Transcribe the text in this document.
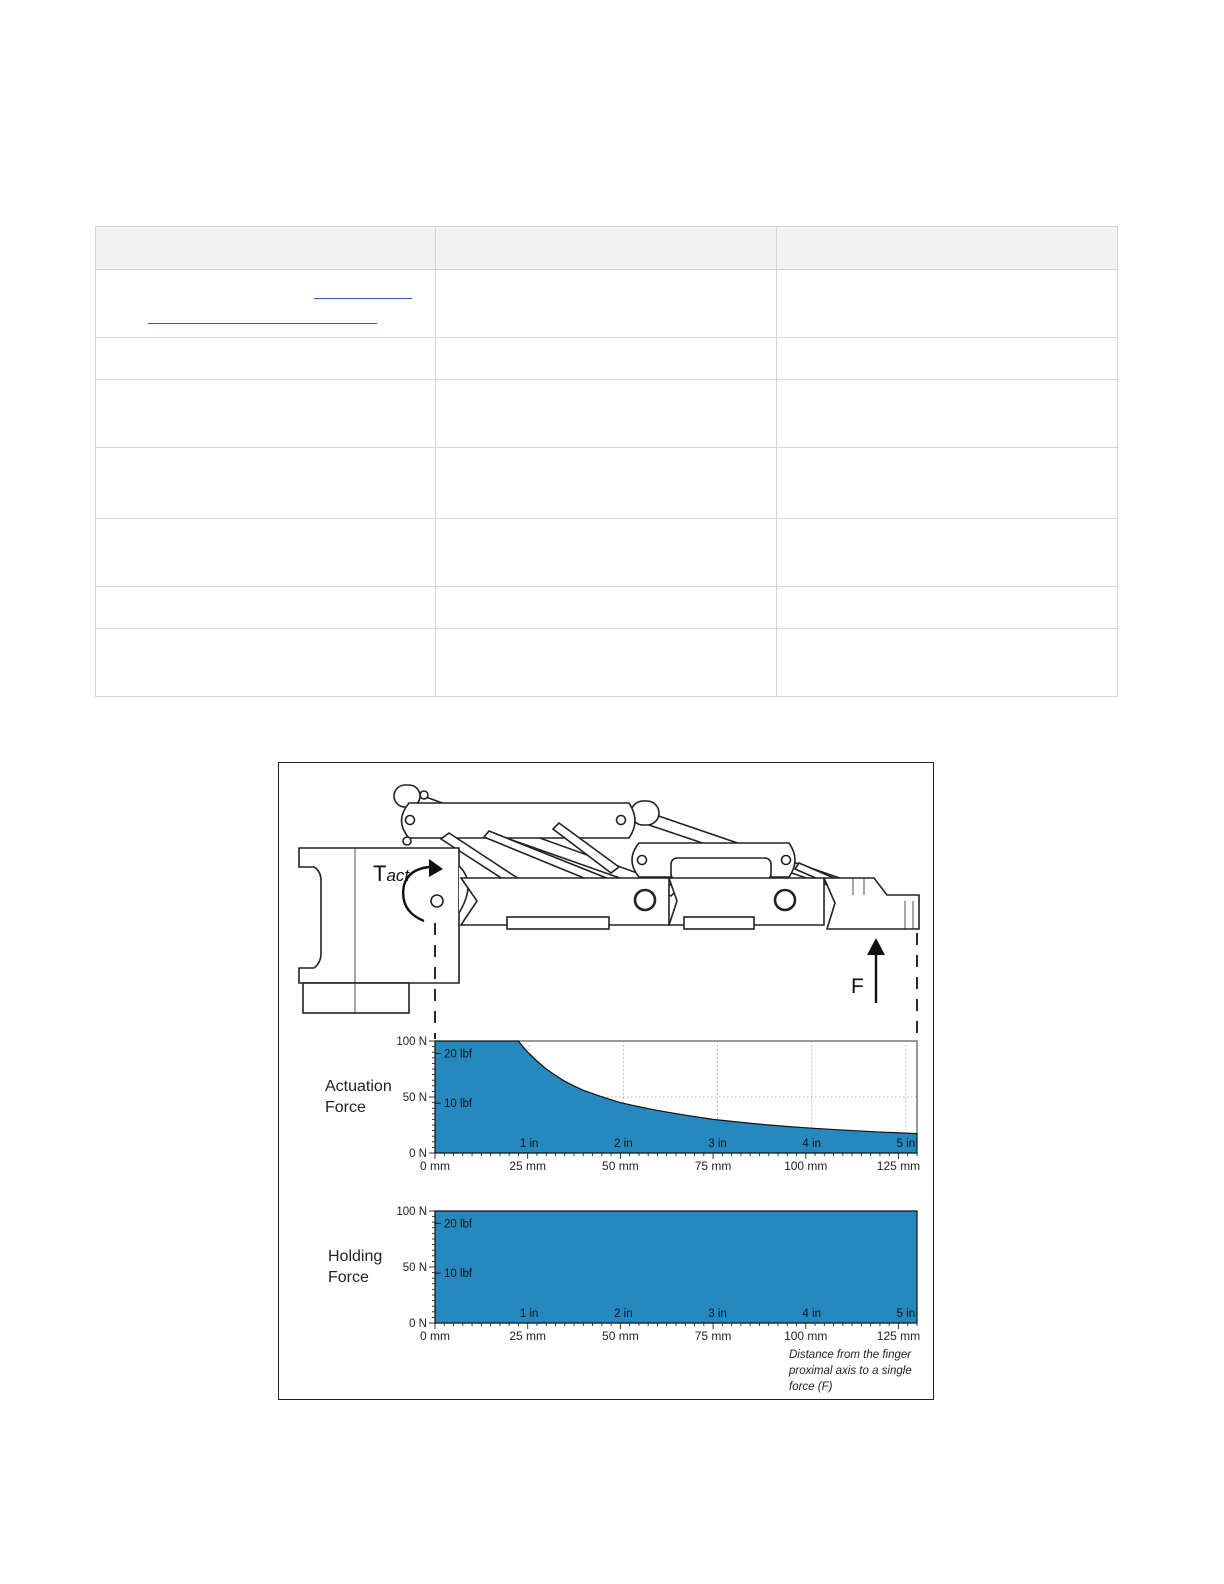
Tact
F
0 mm	25 mm	50 mm	75 mm	100 mm	125 mm
1 in	2 in	3 in	4 in	5 in
0 N
50 N
100 N
10 lbf
20 lbf
Actuation
Force
0 mm	25 mm	50 mm	75 mm	100 mm	125 mm
1 in	2 in	3 in	4 in	5 in
0 N
50 N
100 N
10 lbf
20 lbf
Holding
Force
Distance from the finger
proximal axis to a single
force (F)
